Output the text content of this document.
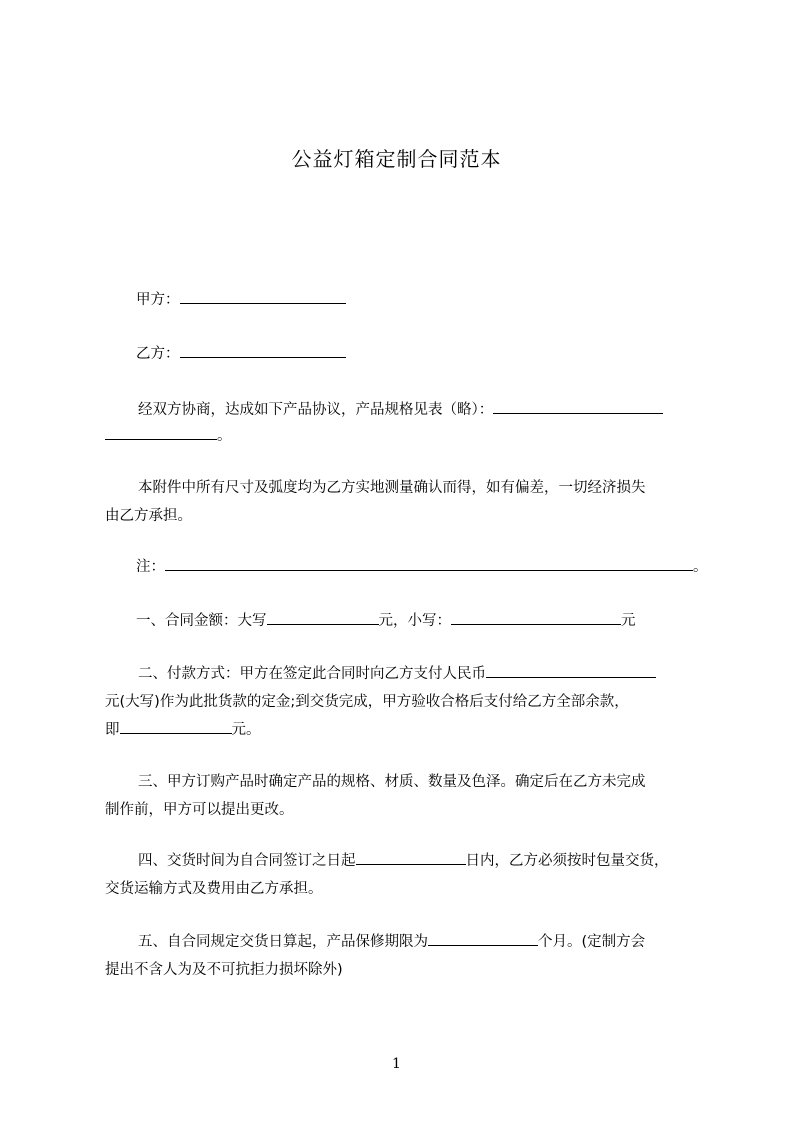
公益灯箱定制合同范本
甲方：
乙方：
经双方协商，达成如下产品协议，产品规格见表（略）：
。
本附件中所有尺寸及弧度均为乙方实地测量确认而得，如有偏差，一切经济损失
由乙方承担。
注：	。
一、合同金额：大写	元，小写：	元
二、付款方式：甲方在签定此合同时向乙方支付人民币
元(大写)作为此批货款的定金;到交货完成，甲方验收合格后支付给乙方全部余款，
即	元。
三、甲方订购产品时确定产品的规格、材质、数量及色泽。确定后在乙方未完成
制作前，甲方可以提出更改。
四、交货时间为自合同签订之日起	日内，乙方必须按时包量交货，
交货运输方式及费用由乙方承担。
五、自合同规定交货日算起，产品保修期限为	个月。(定制方会
提出不含人为及不可抗拒力损坏除外)
1
